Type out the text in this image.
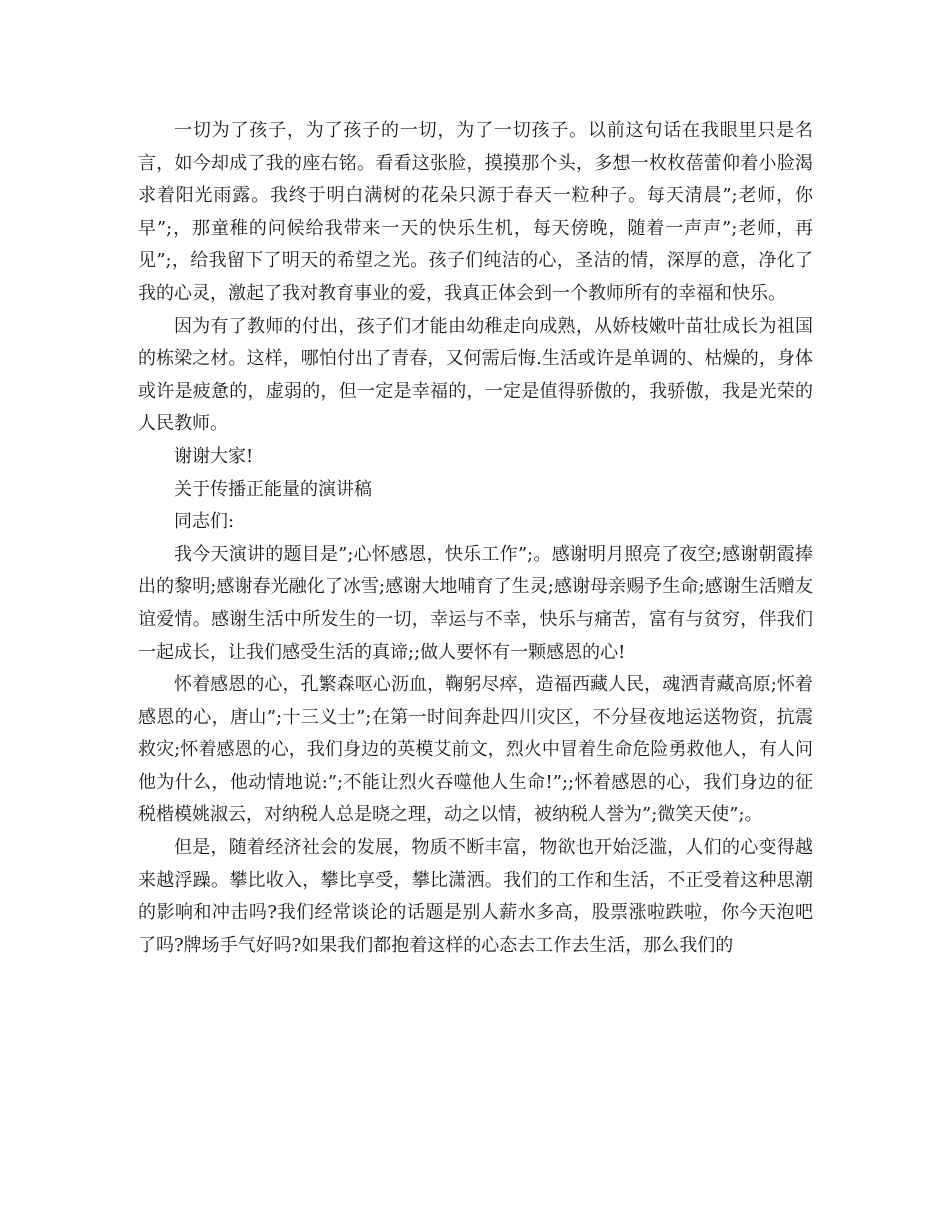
一切为了孩子，为了孩子的一切，为了一切孩子。以前这句话在我眼里只是名言，如今却成了我的座右铭。看看这张脸，摸摸那个头，多想一枚枚蓓蕾仰着小脸渴求着阳光雨露。我终于明白满树的花朵只源于春天一粒种子。每天清晨”;老师，你早”;，那童稚的问候给我带来一天的快乐生机，每天傍晚，随着一声声”;老师，再见”;，给我留下了明天的希望之光。孩子们纯洁的心，圣洁的情，深厚的意，净化了我的心灵，激起了我对教育事业的爱，我真正体会到一个教师所有的幸福和快乐。

因为有了教师的付出，孩子们才能由幼稚走向成熟，从娇枝嫩叶苗壮成长为祖国的栋梁之材。这样，哪怕付出了青春，又何需后悔.生活或许是单调的、枯燥的，身体或许是疲惫的，虚弱的，但一定是幸福的，一定是值得骄傲的，我骄傲，我是光荣的人民教师。

谢谢大家!

关于传播正能量的演讲稿

同志们:

我今天演讲的题目是”;心怀感恩，快乐工作”;。感谢明月照亮了夜空;感谢朝霞捧出的黎明;感谢春光融化了冰雪;感谢大地哺育了生灵;感谢母亲赐予生命;感谢生活赠友谊爱情。感谢生活中所发生的一切，幸运与不幸，快乐与痛苦，富有与贫穷，伴我们一起成长，让我们感受生活的真谛;;做人要怀有一颗感恩的心!

怀着感恩的心，孔繁森呕心沥血，鞠躬尽瘁，造福西藏人民，魂洒青藏高原;怀着感恩的心，唐山”;十三义士”;在第一时间奔赴四川灾区，不分昼夜地运送物资，抗震救灾;怀着感恩的心，我们身边的英模艾前文，烈火中冒着生命危险勇救他人，有人问他为什么，他动情地说:”;不能让烈火吞噬他人生命!”;;怀着感恩的心，我们身边的征税楷模姚淑云，对纳税人总是晓之理，动之以情，被纳税人誉为”;微笑天使”;。

但是，随着经济社会的发展，物质不断丰富，物欲也开始泛滥，人们的心变得越来越浮躁。攀比收入，攀比享受，攀比潇洒。我们的工作和生活，不正受着这种思潮的影响和冲击吗?我们经常谈论的话题是别人薪水多高，股票涨啦跌啦，你今天泡吧了吗?牌场手气好吗?如果我们都抱着这样的心态去工作去生活，那么我们的
